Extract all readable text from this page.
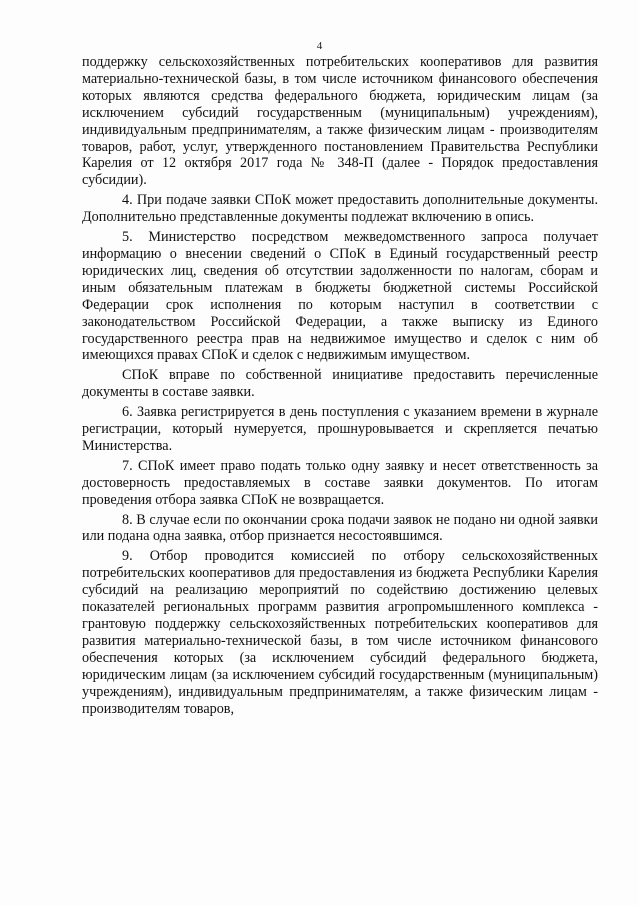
4

поддержку сельскохозяйственных потребительских кооперативов для развития материально-технической базы, в том числе источником финансового обеспечения которых являются средства федерального бюджета, юридическим лицам (за исключением субсидий государственным (муниципальным) учреждениям), индивидуальным предпринимателям, а также физическим лицам - производителям товаров, работ, услуг, утвержденного постановлением Правительства Республики Карелия от 12 октября 2017 года № 348-П (далее - Порядок предоставления субсидии).

4. При подаче заявки СПоК может предоставить дополнительные документы. Дополнительно представленные документы подлежат включению в опись.

5. Министерство посредством межведомственного запроса получает информацию о внесении сведений о СПоК в Единый государственный реестр юридических лиц, сведения об отсутствии задолженности по налогам, сборам и иным обязательным платежам в бюджеты бюджетной системы Российской Федерации срок исполнения по которым наступил в соответствии с законодательством Российской Федерации, а также выписку из Единого государственного реестра прав на недвижимое имущество и сделок с ним об имеющихся правах СПоК и сделок с недвижимым имуществом.

СПоК вправе по собственной инициативе предоставить перечисленные документы в составе заявки.

6. Заявка регистрируется в день поступления с указанием времени в журнале регистрации, который нумеруется, прошнуровывается и скрепляется печатью Министерства.

7. СПоК имеет право подать только одну заявку и несет ответственность за достоверность предоставляемых в составе заявки документов. По итогам проведения отбора заявка СПоК не возвращается.

8. В случае если по окончании срока подачи заявок не подано ни одной заявки или подана одна заявка, отбор признается несостоявшимся.

9. Отбор проводится комиссией по отбору сельскохозяйственных потребительских кооперативов для предоставления из бюджета Республики Карелия субсидий на реализацию мероприятий по содействию достижению целевых показателей региональных программ развития агропромышленного комплекса - грантовую поддержку сельскохозяйственных потребительских кооперативов для развития материально-технической базы, в том числе источником финансового обеспечения которых (за исключением субсидий федерального бюджета, юридическим лицам (за исключением субсидий государственным (муниципальным) учреждениям), индивидуальным предпринимателям, а также физическим лицам - производителям товаров,
